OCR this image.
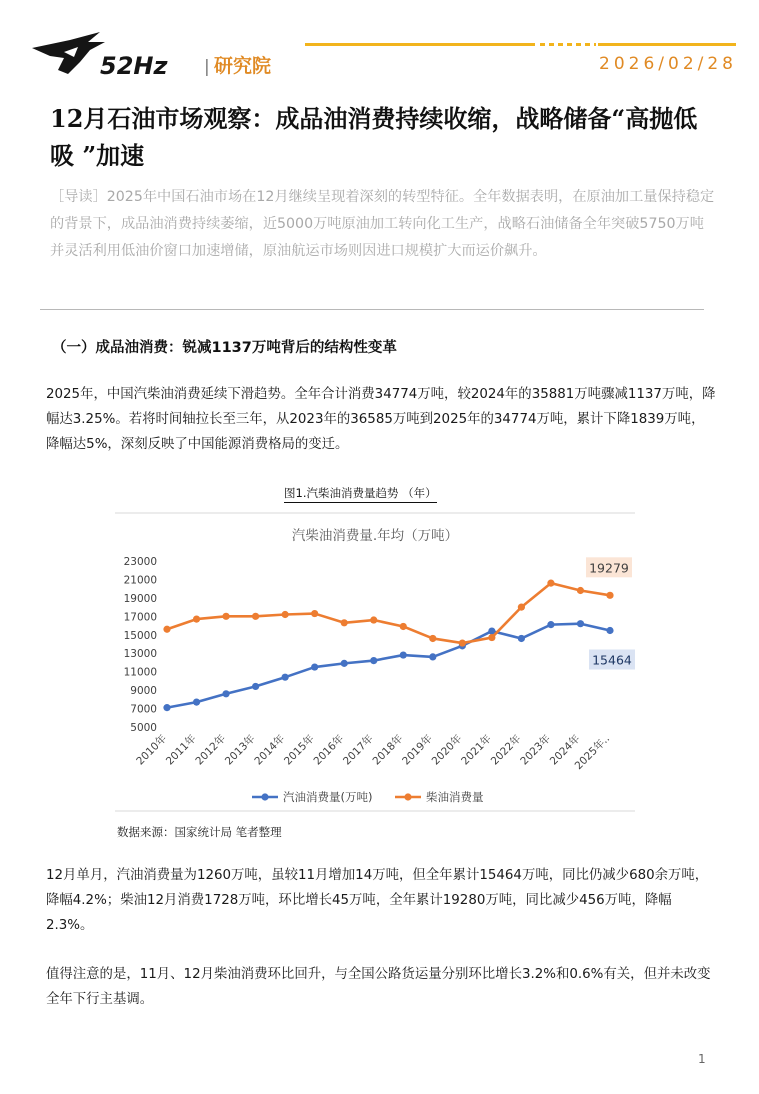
52Hz | 研究院	2026/02/28
12月石油市场观察：成品油消费持续收缩，战略储备“高抛低吸 ”加速
［导读］2025年中国石油市场在12月继续呈现着深刻的转型特征。全年数据表明，在原油加工量保持稳定的背景下，成品油消费持续萎缩，近5000万吨原油加工转向化工生产，战略石油储备全年突破5750万吨并灵活利用低油价窗口加速增储，原油航运市场则因进口规模扩大而运价飙升。
（一）成品油消费：锐减1137万吨背后的结构性变革
2025年，中国汽柴油消费延续下滑趋势。全年合计消费34774万吨，较2024年的35881万吨骤减1137万吨，降幅达3.25%。若将时间轴拉长至三年，从2023年的36585万吨到2025年的34774万吨，累计下降1839万吨，降幅达5%，深刻反映了中国能源消费格局的变迁。
图1.汽柴油消费量趋势 （年）
汽柴油消费量.年均（万吨）
5000
7000
9000
11000
13000
15000
17000
19000
21000
23000
2010年
2011年
2012年
2013年
2014年
2015年
2016年
2017年
2018年
2019年
2020年
2021年
2022年
2023年
2024年
2025年..
19279
15464
汽油消费量(万吨)	柴油消费量
数据来源：国家统计局 笔者整理
12月单月，汽油消费量为1260万吨，虽较11月增加14万吨，但全年累计15464万吨，同比仍减少680余万吨，降幅4.2%；柴油12月消费1728万吨，环比增长45万吨，全年累计19280万吨，同比减少456万吨，降幅2.3%。
值得注意的是，11月、12月柴油消费环比回升，与全国公路货运量分别环比增长3.2%和0.6%有关，但并未改变全年下行主基调。
1
